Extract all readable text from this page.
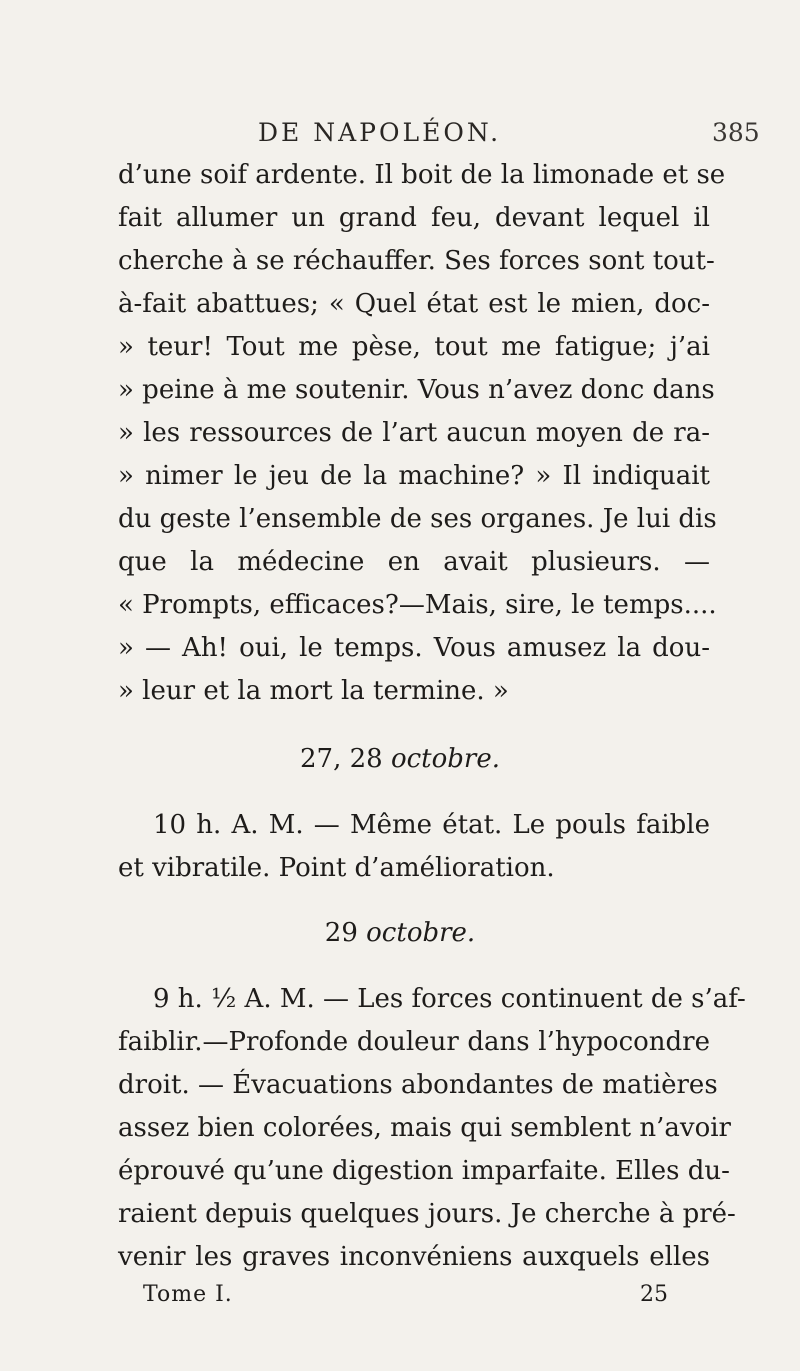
DE NAPOLÉON.	385
d’une soif ardente. Il boit de la limonade et se
fait allumer un grand feu, devant lequel il
cherche à se réchauffer. Ses forces sont tout-
à-fait abattues; « Quel état est le mien, doc-
» teur! Tout me pèse, tout me fatigue; j’ai
» peine à me soutenir. Vous n’avez donc dans
» les ressources de l’art aucun moyen de ra-
» nimer le jeu de la machine? » Il indiquait
du geste l’ensemble de ses organes. Je lui dis
que la médecine en avait plusieurs. —
« Prompts, efficaces?—Mais, sire, le temps....
» — Ah! oui, le temps. Vous amusez la dou-
» leur et la mort la termine. »
27, 28 octobre.
10 h. A. M. — Même état. Le pouls faible
et vibratile. Point d’amélioration.
29 octobre.
9 h. ½ A. M. — Les forces continuent de s’af-
faiblir.—Profonde douleur dans l’hypocondre
droit. — Évacuations abondantes de matières
assez bien colorées, mais qui semblent n’avoir
éprouvé qu’une digestion imparfaite. Elles du-
raient depuis quelques jours. Je cherche à pré-
venir les graves inconvéniens auxquels elles
Tome I.	25
